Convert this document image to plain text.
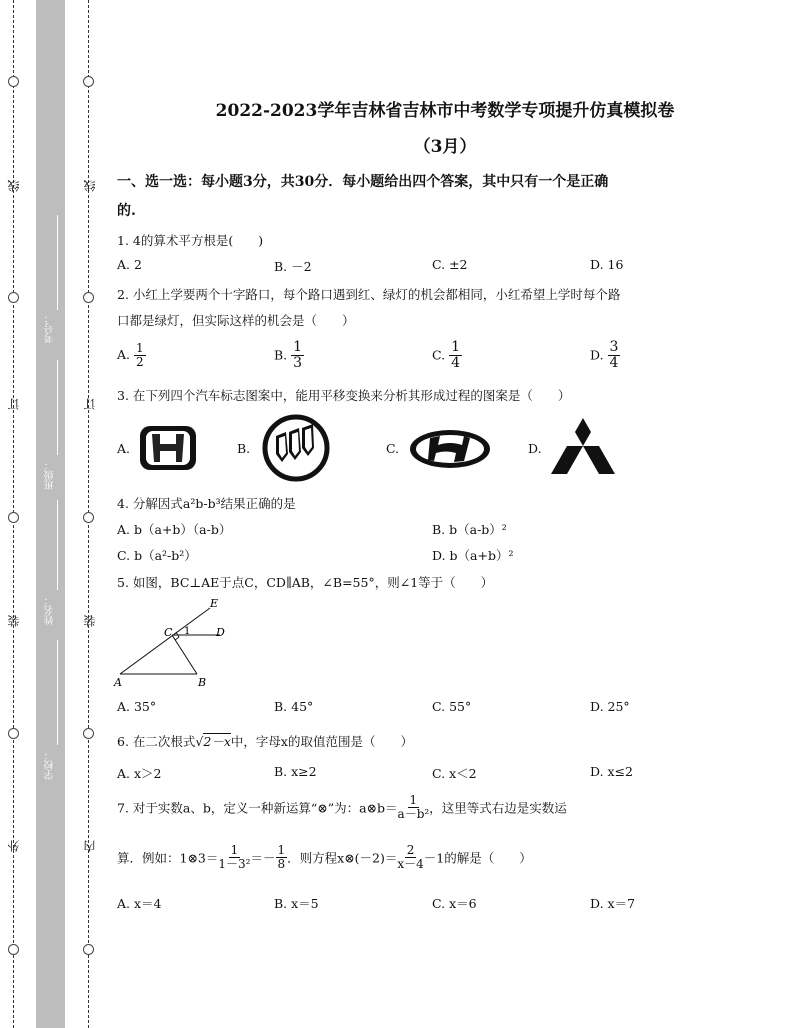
线
订
装
外
线
订
装
内
考号：
班级：
姓名：
学校：
2022-2023学年吉林省吉林市中考数学专项提升仿真模拟卷
（3月）
一、选一选：每小题3分，共30分．每小题给出四个答案，其中只有一个是正确
的.
1. 4的算术平方根是(　　)
A. 2	B. －2	C. ±2	D. 16
2. 小红上学要两个十字路口，每个路口遇到红、绿灯的机会都相同，小红希望上学时每个路
口都是绿灯，但实际这样的机会是（　　）
A. $\frac{1}{2}$	B. $\frac{1}{3}$	C. $\frac{1}{4}$	D. $\frac{3}{4}$
3. 在下列四个汽车标志图案中，能用平移变换来分析其形成过程的图案是（　　）
A.	B.	C.	D.
4. 分解因式a²b-b³结果正确的是
A. b（a+b）（a-b）	B. b（a-b）²
C. b（a²-b²）	D. b（a+b）²
5. 如图，BC⊥AE于点C，CD∥AB，∠B=55°，则∠1等于（　　）
E
C 1 D
A	B
A. 35°	B. 45°	C. 55°	D. 25°
6. 在二次根式√2－x中，字母x的取值范围是（　　）
A. x＞2	B. x≥2	C. x＜2	D. x≤2
7. 对于实数a、b，定义一种新运算“⊗”为：a⊗b＝ $\frac{1}{\text{a－b²}}$ ，这里等式右边是实数运
算．例如：1⊗3＝ $\frac{1}{\text{1－3²}} =- \frac{1}{8}$ ．则方程x⊗(－2)＝ $\frac{2}{x-4} -1$的解是（　　）
A. x＝4	B. x＝5	C. x＝6	D. x＝7
